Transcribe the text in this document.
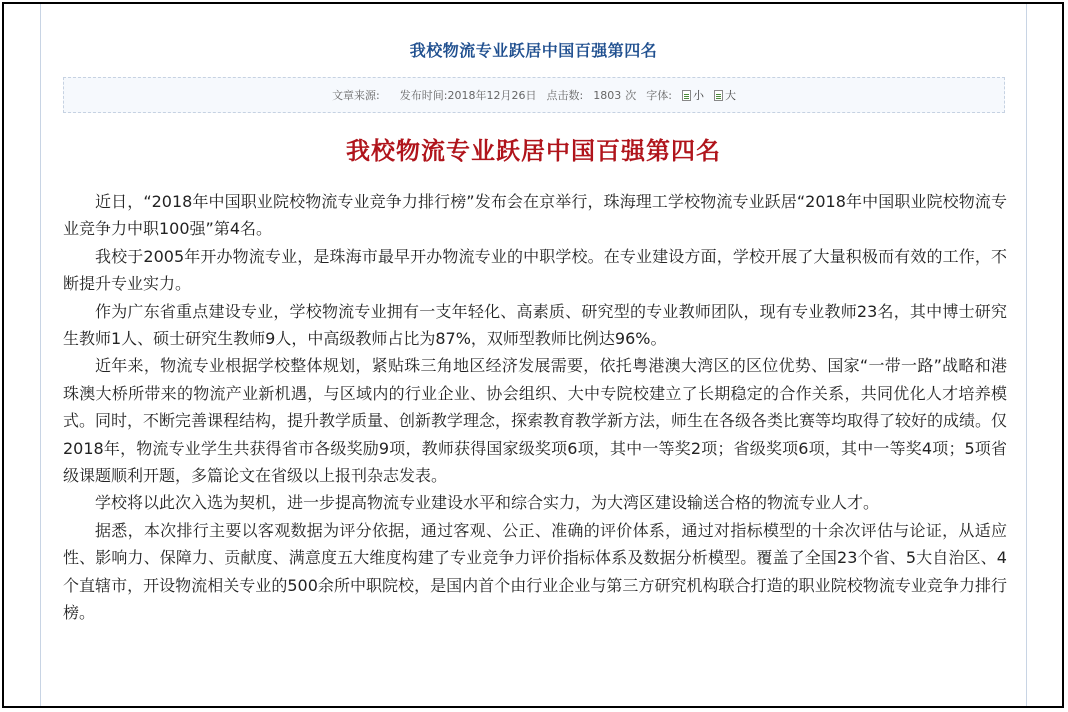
我校物流专业跃居中国百强第四名
文章来源: 发布时间: 2018年12月26日 点击数: 1803 次 字体: 小 大
我校物流专业跃居中国百强第四名

近日，“2018年中国职业院校物流专业竞争力排行榜”发布会在京举行，珠海理工学校物流专业跃居“2018年中国职业院校物流专业竞争力中职100强”第4名。

我校于2005年开办物流专业，是珠海市最早开办物流专业的中职学校。在专业建设方面，学校开展了大量积极而有效的工作，不断提升专业实力。

作为广东省重点建设专业，学校物流专业拥有一支年轻化、高素质、研究型的专业教师团队，现有专业教师23名，其中博士研究生教师1人、硕士研究生教师9人，中高级教师占比为87%，双师型教师比例达96%。

近年来，物流专业根据学校整体规划，紧贴珠三角地区经济发展需要，依托粤港澳大湾区的区位优势、国家“一带一路”战略和港珠澳大桥所带来的物流产业新机遇，与区域内的行业企业、协会组织、大中专院校建立了长期稳定的合作关系，共同优化人才培养模式。同时，不断完善课程结构，提升教学质量、创新教学理念，探索教育教学新方法，师生在各级各类比赛等均取得了较好的成绩。仅2018年，物流专业学生共获得省市各级奖励9项，教师获得国家级奖项6项，其中一等奖2项；省级奖项6项，其中一等奖4项；5项省级课题顺利开题，多篇论文在省级以上报刊杂志发表。

学校将以此次入选为契机，进一步提高物流专业建设水平和综合实力，为大湾区建设输送合格的物流专业人才。

据悉，本次排行主要以客观数据为评分依据，通过客观、公正、准确的评价体系，通过对指标模型的十余次评估与论证，从适应性、影响力、保障力、贡献度、满意度五大维度构建了专业竞争力评价指标体系及数据分析模型。覆盖了全国23个省、5大自治区、4个直辖市，开设物流相关专业的500余所中职院校，是国内首个由行业企业与第三方研究机构联合打造的职业院校物流专业竞争力排行榜。
